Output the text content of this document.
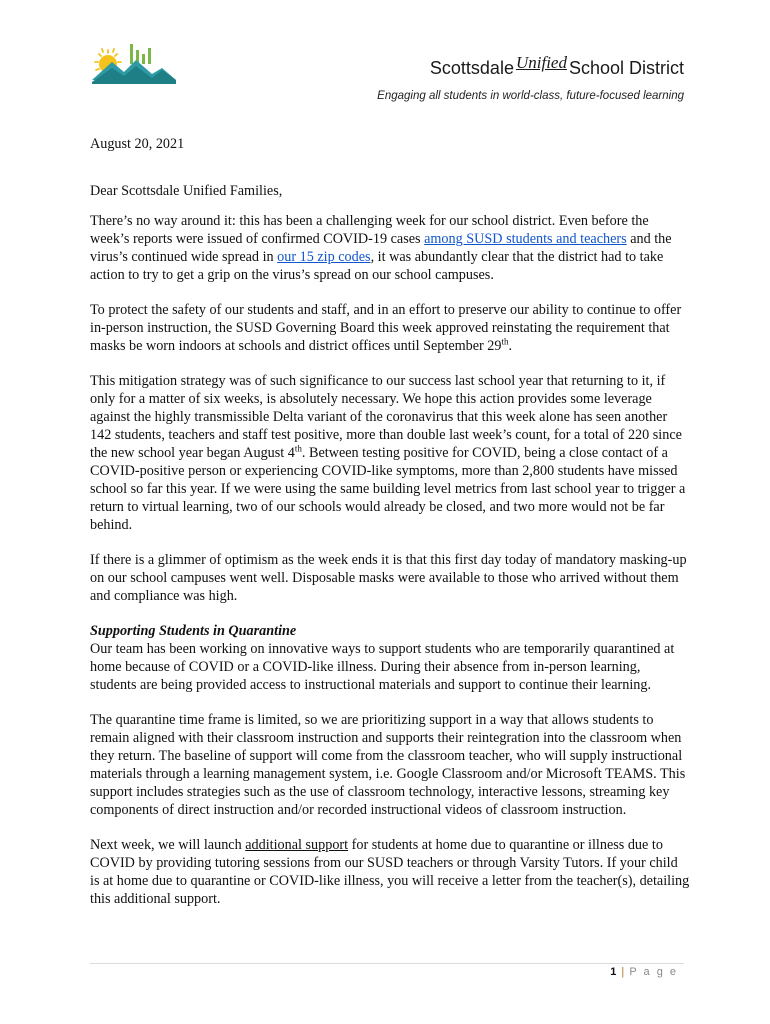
Scottsdale Unified School District
Engaging all students in world-class, future-focused learning

August 20, 2021

Dear Scottsdale Unified Families,

There’s no way around it: this has been a challenging week for our school district. Even before the week’s reports were issued of confirmed COVID-19 cases among SUSD students and teachers and the virus’s continued wide spread in our 15 zip codes, it was abundantly clear that the district had to take action to try to get a grip on the virus’s spread on our school campuses.

To protect the safety of our students and staff, and in an effort to preserve our ability to continue to offer in-person instruction, the SUSD Governing Board this week approved reinstating the requirement that masks be worn indoors at schools and district offices until September 29th.

This mitigation strategy was of such significance to our success last school year that returning to it, if only for a matter of six weeks, is absolutely necessary. We hope this action provides some leverage against the highly transmissible Delta variant of the coronavirus that this week alone has seen another 142 students, teachers and staff test positive, more than double last week’s count, for a total of 220 since the new school year began August 4th. Between testing positive for COVID, being a close contact of a COVID-positive person or experiencing COVID-like symptoms, more than 2,800 students have missed school so far this year. If we were using the same building level metrics from last school year to trigger a return to virtual learning, two of our schools would already be closed, and two more would not be far behind.

If there is a glimmer of optimism as the week ends it is that this first day today of mandatory masking-up on our school campuses went well. Disposable masks were available to those who arrived without them and compliance was high.

Supporting Students in Quarantine
Our team has been working on innovative ways to support students who are temporarily quarantined at home because of COVID or a COVID-like illness. During their absence from in-person learning, students are being provided access to instructional materials and support to continue their learning.

The quarantine time frame is limited, so we are prioritizing support in a way that allows students to remain aligned with their classroom instruction and supports their reintegration into the classroom when they return. The baseline of support will come from the classroom teacher, who will supply instructional materials through a learning management system, i.e. Google Classroom and/or Microsoft TEAMS. This support includes strategies such as the use of classroom technology, interactive lessons, streaming key components of direct instruction and/or recorded instructional videos of classroom instruction.

Next week, we will launch additional support for students at home due to quarantine or illness due to COVID by providing tutoring sessions from our SUSD teachers or through Varsity Tutors. If your child is at home due to quarantine or COVID-like illness, you will receive a letter from the teacher(s), detailing this additional support.

1 | P a g e
